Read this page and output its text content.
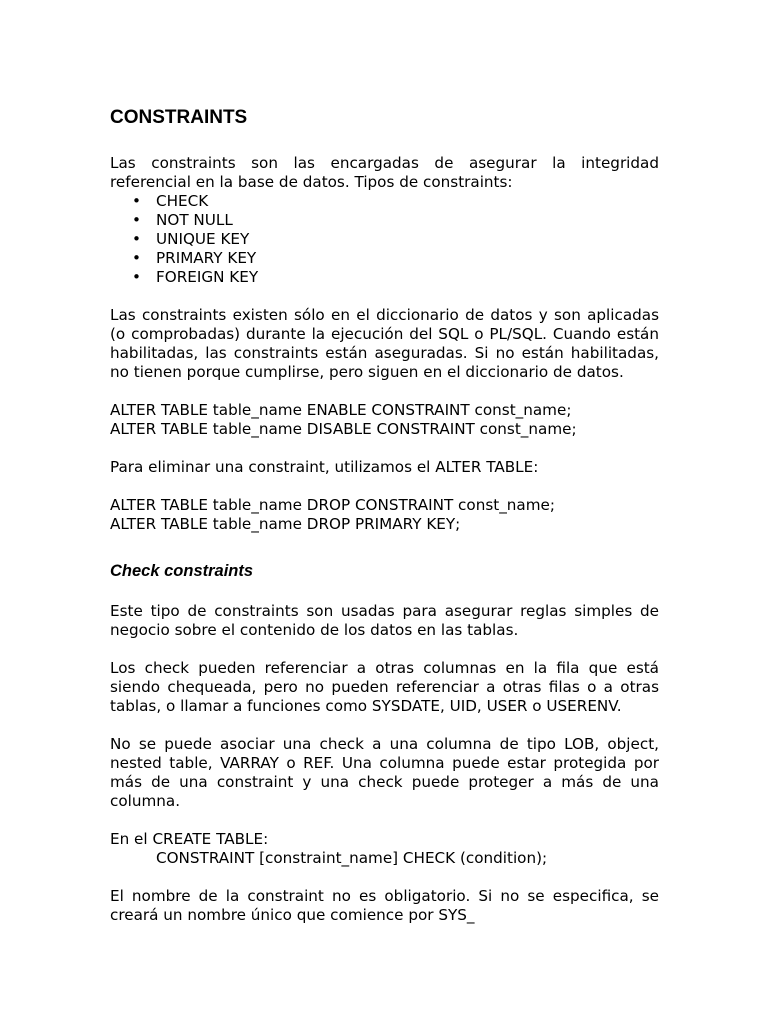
CONSTRAINTS

Las constraints son las encargadas de asegurar la integridad referencial en la base de datos. Tipos de constraints:

• CHECK
• NOT NULL
• UNIQUE KEY
• PRIMARY KEY
• FOREIGN KEY

Las constraints existen sólo en el diccionario de datos y son aplicadas (o comprobadas) durante la ejecución del SQL o PL/SQL. Cuando están habilitadas, las constraints están aseguradas. Si no están habilitadas, no tienen porque cumplirse, pero siguen en el diccionario de datos.

ALTER TABLE table_name ENABLE CONSTRAINT const_name;

ALTER TABLE table_name DISABLE CONSTRAINT const_name;

Para eliminar una constraint, utilizamos el ALTER TABLE:

ALTER TABLE table_name DROP CONSTRAINT const_name;

ALTER TABLE table_name DROP PRIMARY KEY;

Check constraints

Este tipo de constraints son usadas para asegurar reglas simples de negocio sobre el contenido de los datos en las tablas.

Los check pueden referenciar a otras columnas en la fila que está siendo chequeada, pero no pueden referenciar a otras filas o a otras tablas, o llamar a funciones como SYSDATE, UID, USER o USERENV.

No se puede asociar una check a una columna de tipo LOB, object, nested table, VARRAY o REF. Una columna puede estar protegida por más de una constraint y una check puede proteger a más de una columna.

En el CREATE TABLE:

CONSTRAINT [constraint_name] CHECK (condition);

El nombre de la constraint no es obligatorio. Si no se especifica, se creará un nombre único que comience por SYS_
